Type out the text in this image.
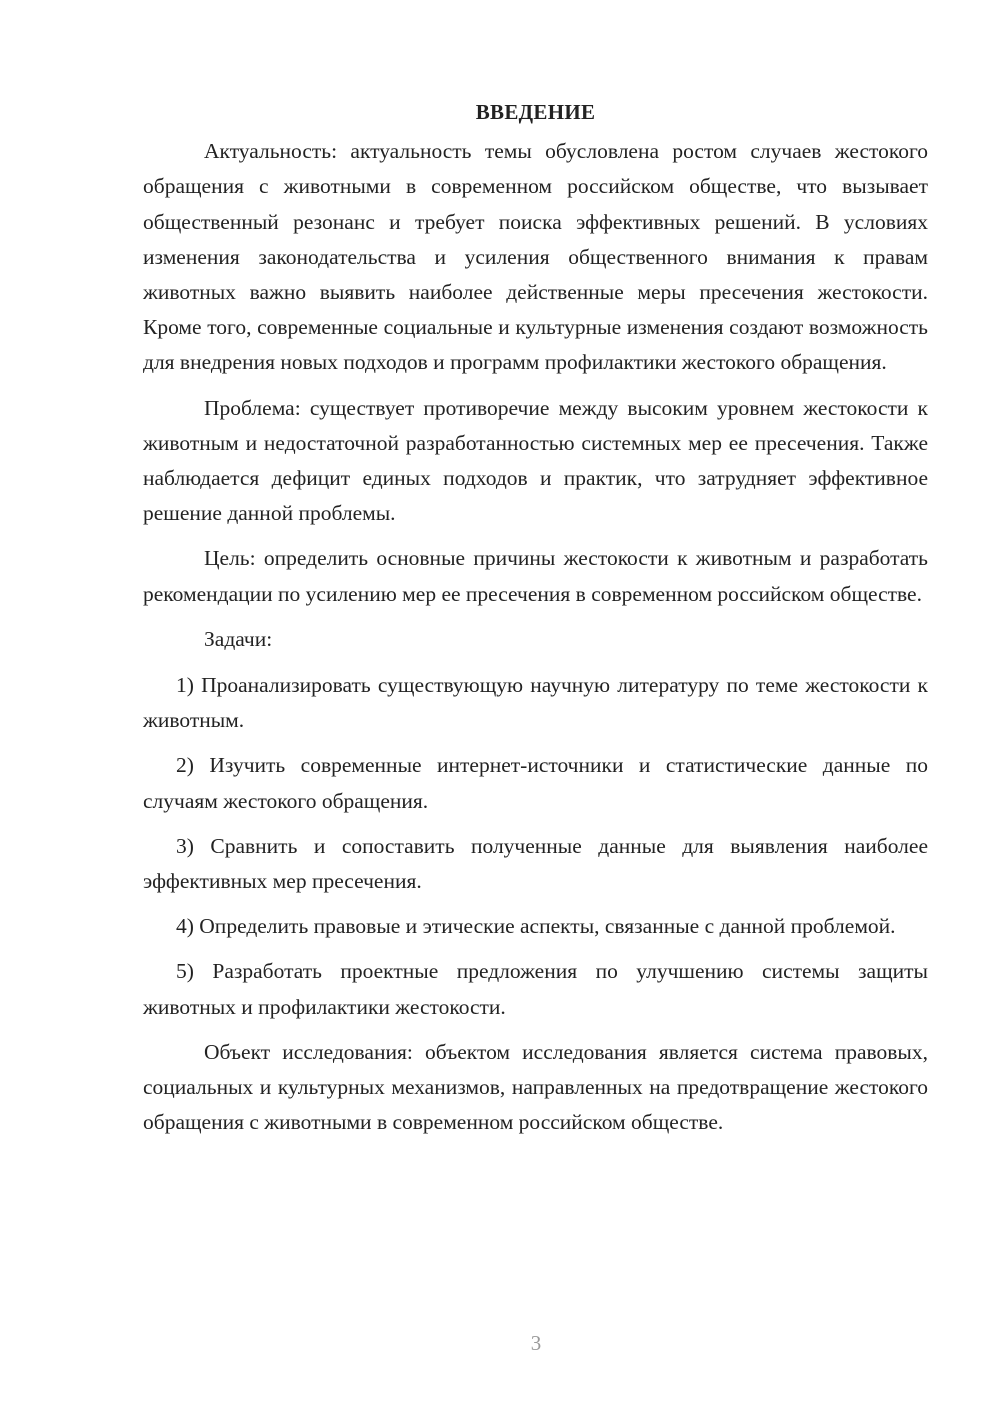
ВВЕДЕНИЕ

Актуальность: актуальность темы обусловлена ростом случаев жестокого обращения с животными в современном российском обществе, что вызывает общественный резонанс и требует поиска эффективных решений. В условиях изменения законодательства и усиления общественного внимания к правам животных важно выявить наиболее действенные меры пресечения жестокости. Кроме того, современные социальные и культурные изменения создают возможность для внедрения новых подходов и программ профилактики жестокого обращения.

Проблема: существует противоречие между высоким уровнем жестокости к животным и недостаточной разработанностью системных мер ее пресечения. Также наблюдается дефицит единых подходов и практик, что затрудняет эффективное решение данной проблемы.

Цель: определить основные причины жестокости к животным и разработать рекомендации по усилению мер ее пресечения в современном российском обществе.

Задачи:

1) Проанализировать существующую научную литературу по теме жестокости к животным.

2) Изучить современные интернет-источники и статистические данные по случаям жестокого обращения.

3) Сравнить и сопоставить полученные данные для выявления наиболее эффективных мер пресечения.

4) Определить правовые и этические аспекты, связанные с данной проблемой.

5) Разработать проектные предложения по улучшению системы защиты животных и профилактики жестокости.

Объект исследования: объектом исследования является система правовых, социальных и культурных механизмов, направленных на предотвращение жестокого обращения с животными в современном российском обществе.

3
